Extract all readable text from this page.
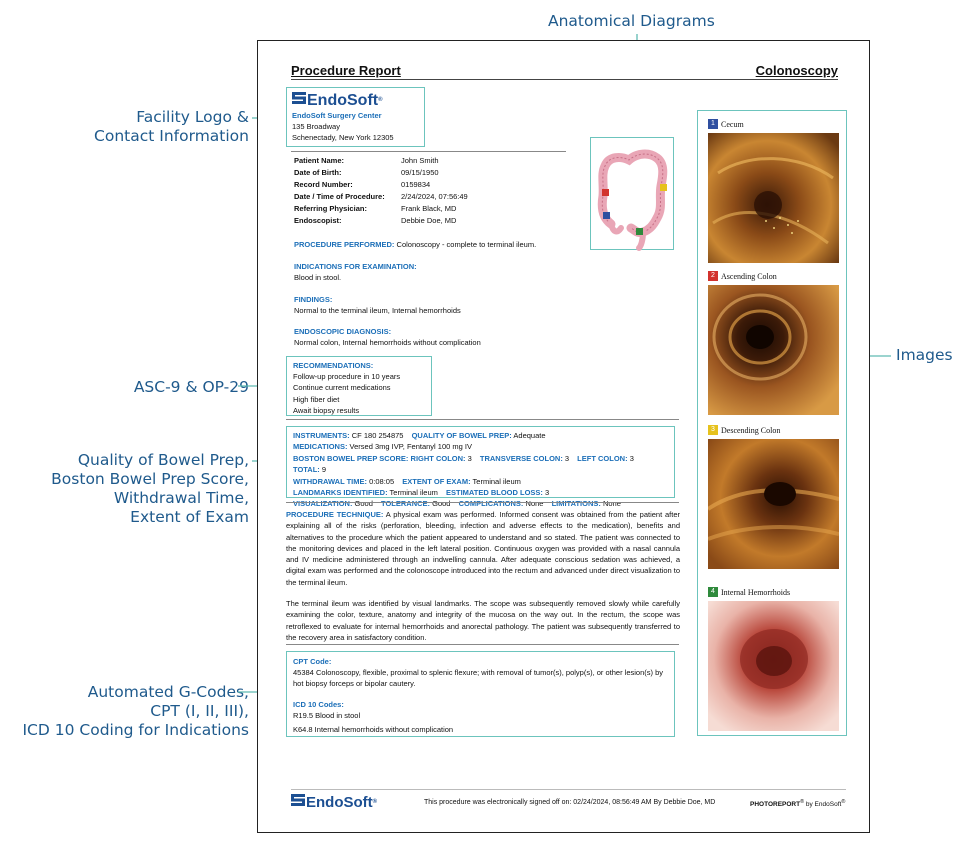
Anatomical Diagrams
Facility Logo &
Contact Information
Images
ASC-9 & OP-29
Quality of Bowel Prep,
Boston Bowel Prep Score,
Withdrawal Time,
Extent of Exam
Automated G-Codes,
CPT (I, II, III),
ICD 10 Coding for Indications
Procedure Report	Colonoscopy
EndoSoft ®
EndoSoft Surgery Center
135 Broadway
Schenectady, New York 12305
Patient Name:	John Smith
Date of Birth:	09/15/1950
Record Number:	0159834
Date / Time of Procedure:	2/24/2024, 07:56:49
Referring Physician:	Frank Black, MD
Endoscopist:	Debbie Doe, MD
PROCEDURE PERFORMED: Colonoscopy - complete to terminal ileum.
INDICATIONS FOR EXAMINATION:
Blood in stool.
FINDINGS:
Normal to the terminal ileum, Internal hemorrhoids
ENDOSCOPIC DIAGNOSIS:
Normal colon, Internal hemorrhoids without complication
RECOMMENDATIONS:
Follow-up procedure in 10 years
Continue current medications
High fiber diet
Await biopsy results
INSTRUMENTS: CF 180 254875 QUALITY OF BOWEL PREP: Adequate
MEDICATIONS: Versed 3mg IVP, Fentanyl 100 mg IV
BOSTON BOWEL PREP SCORE: RIGHT COLON: 3 TRANSVERSE COLON: 3 LEFT COLON: 3 TOTAL: 9
WITHDRAWAL TIME: 0:08:05 EXTENT OF EXAM: Terminal ileum
LANDMARKS IDENTIFIED: Terminal ileum ESTIMATED BLOOD LOSS: 3
VISUALIZATION: Good TOLERANCE: Good COMPLICATIONS: None LIMITATIONS: None

PROCEDURE TECHNIQUE: A physical exam was performed. Informed consent was obtained from the patient after explaining all of the risks (perforation, bleeding, infection and adverse effects to the medication), benefits and alternatives to the procedure which the patient appeared to understand and so stated. The patient was connected to the monitoring devices and placed in the left lateral position. Continuous oxygen was provided with a nasal cannula and IV medicine administered through an indwelling cannula. After adequate conscious sedation was achieved, a digital exam was performed and the colonoscope introduced into the rectum and advanced under direct visualization to the terminal ileum.

The terminal ileum was identified by visual landmarks. The scope was subsequently removed slowly while carefully examining the color, texture, anatomy and integrity of the mucosa on the way out. In the rectum, the scope was retroflexed to evaluate for internal hemorrhoids and anorectal pathology. The patient was subsequently transferred to the recovery area in satisfactory condition.

CPT Code:
45384 Colonoscopy, flexible, proximal to splenic flexure; with removal of tumor(s), polyp(s), or other lesion(s) by hot biopsy forceps or bipolar cautery.
ICD 10 Codes:
R19.5 Blood in stool
K64.8 Internal hemorrhoids without complication
EndoSoft ®	This procedure was electronically signed off on: 02/24/2024, 08:56:49 AM By Debbie Doe, MD	PHOTOREPORT® by EndoSoft®
1 Cecum
2 Ascending Colon
3 Descending Colon
4 Internal Hemorrhoids
